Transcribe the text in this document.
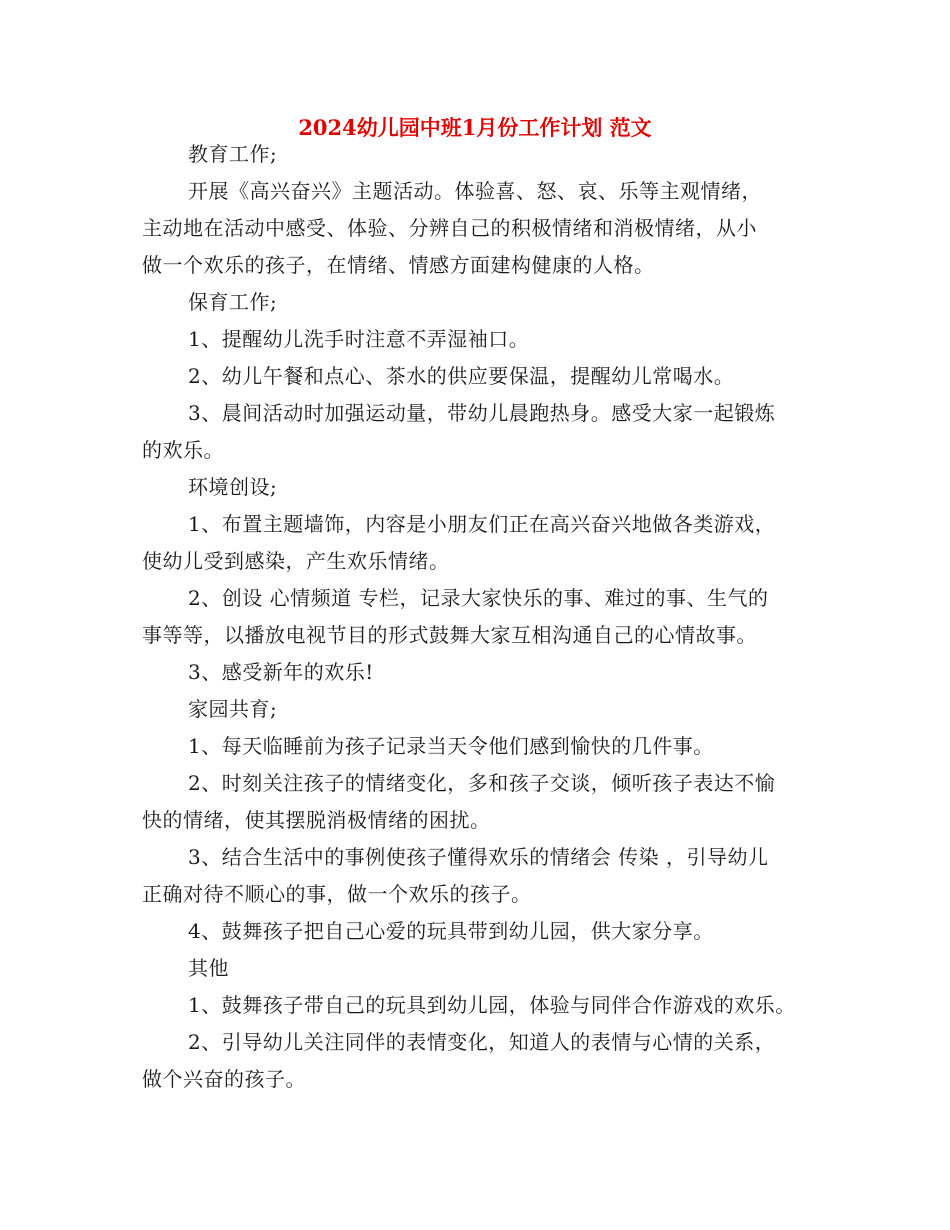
2024幼儿园中班1月份工作计划 范文

教育工作;

开展《高兴奋兴》主题活动。体验喜、怒、哀、乐等主观情绪，

主动地在活动中感受、体验、分辨自己的积极情绪和消极情绪，从小

做一个欢乐的孩子，在情绪、情感方面建构健康的人格。

保育工作;

1、提醒幼儿洗手时注意不弄湿袖口。

2、幼儿午餐和点心、茶水的供应要保温，提醒幼儿常喝水。

3、晨间活动时加强运动量，带幼儿晨跑热身。感受大家一起锻炼

的欢乐。

环境创设;

1、布置主题墙饰，内容是小朋友们正在高兴奋兴地做各类游戏，

使幼儿受到感染，产生欢乐情绪。

2、创设 心情频道 专栏，记录大家快乐的事、难过的事、生气的

事等等，以播放电视节目的形式鼓舞大家互相沟通自己的心情故事。

3、感受新年的欢乐!

家园共育;

1、每天临睡前为孩子记录当天令他们感到愉快的几件事。

2、时刻关注孩子的情绪变化，多和孩子交谈，倾听孩子表达不愉

快的情绪，使其摆脱消极情绪的困扰。

3、结合生活中的事例使孩子懂得欢乐的情绪会 传染 ，引导幼儿

正确对待不顺心的事，做一个欢乐的孩子。

4、鼓舞孩子把自己心爱的玩具带到幼儿园，供大家分享。

其他

1、鼓舞孩子带自己的玩具到幼儿园，体验与同伴合作游戏的欢乐。

2、引导幼儿关注同伴的表情变化，知道人的表情与心情的关系，

做个兴奋的孩子。
